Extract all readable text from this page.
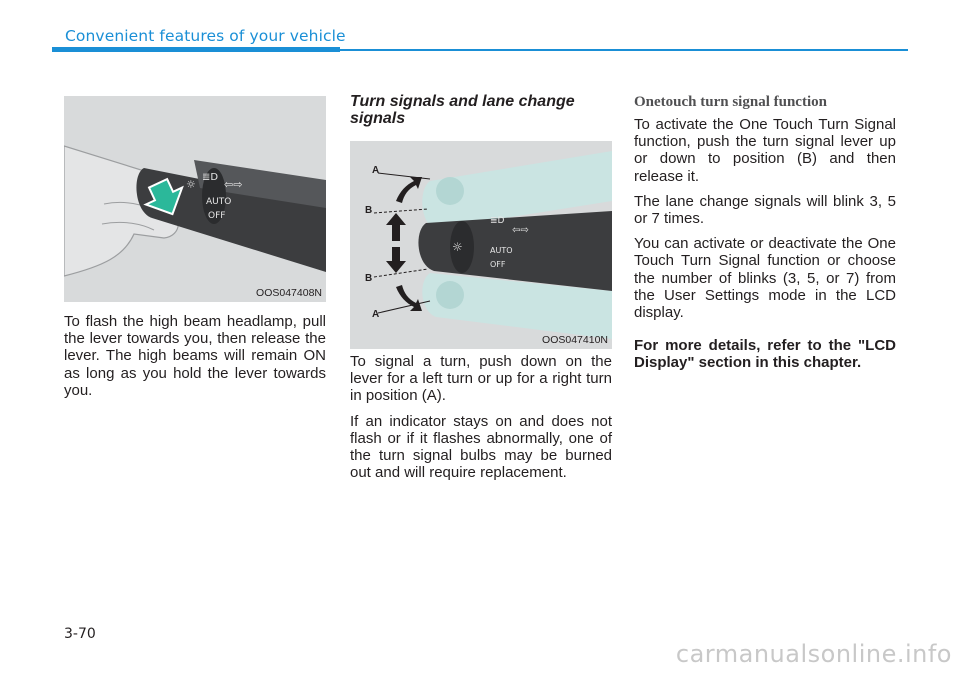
Convenient features of your vehicle
≣D
☼	⇦⇨
AUTO
OFF
OOS047408N

To flash the high beam headlamp, pull the lever towards you, then release the lever. The high beams will remain ON as long as you hold the lever towards you.

Turn signals and lane change signals
☼
≣D
⇦⇨
AUTO
OFF
A
B
B
A
OOS047410N

To signal a turn, push down on the lever for a left turn or up for a right turn in position (A).

If an indicator stays on and does not flash or if it flashes abnormally, one of the turn signal bulbs may be burned out and will require replacement.

Onetouch turn signal function

To activate the One Touch Turn Signal function, push the turn signal lever up or down to position (B) and then release it.

The lane change signals will blink 3, 5 or 7 times.

You can activate or deactivate the One Touch Turn Signal function or choose the number of blinks (3, 5, or 7) from the User Settings mode in the LCD display.

For more details, refer to the "LCD Display" section in this chapter.

3-70
carmanualsonline.info
